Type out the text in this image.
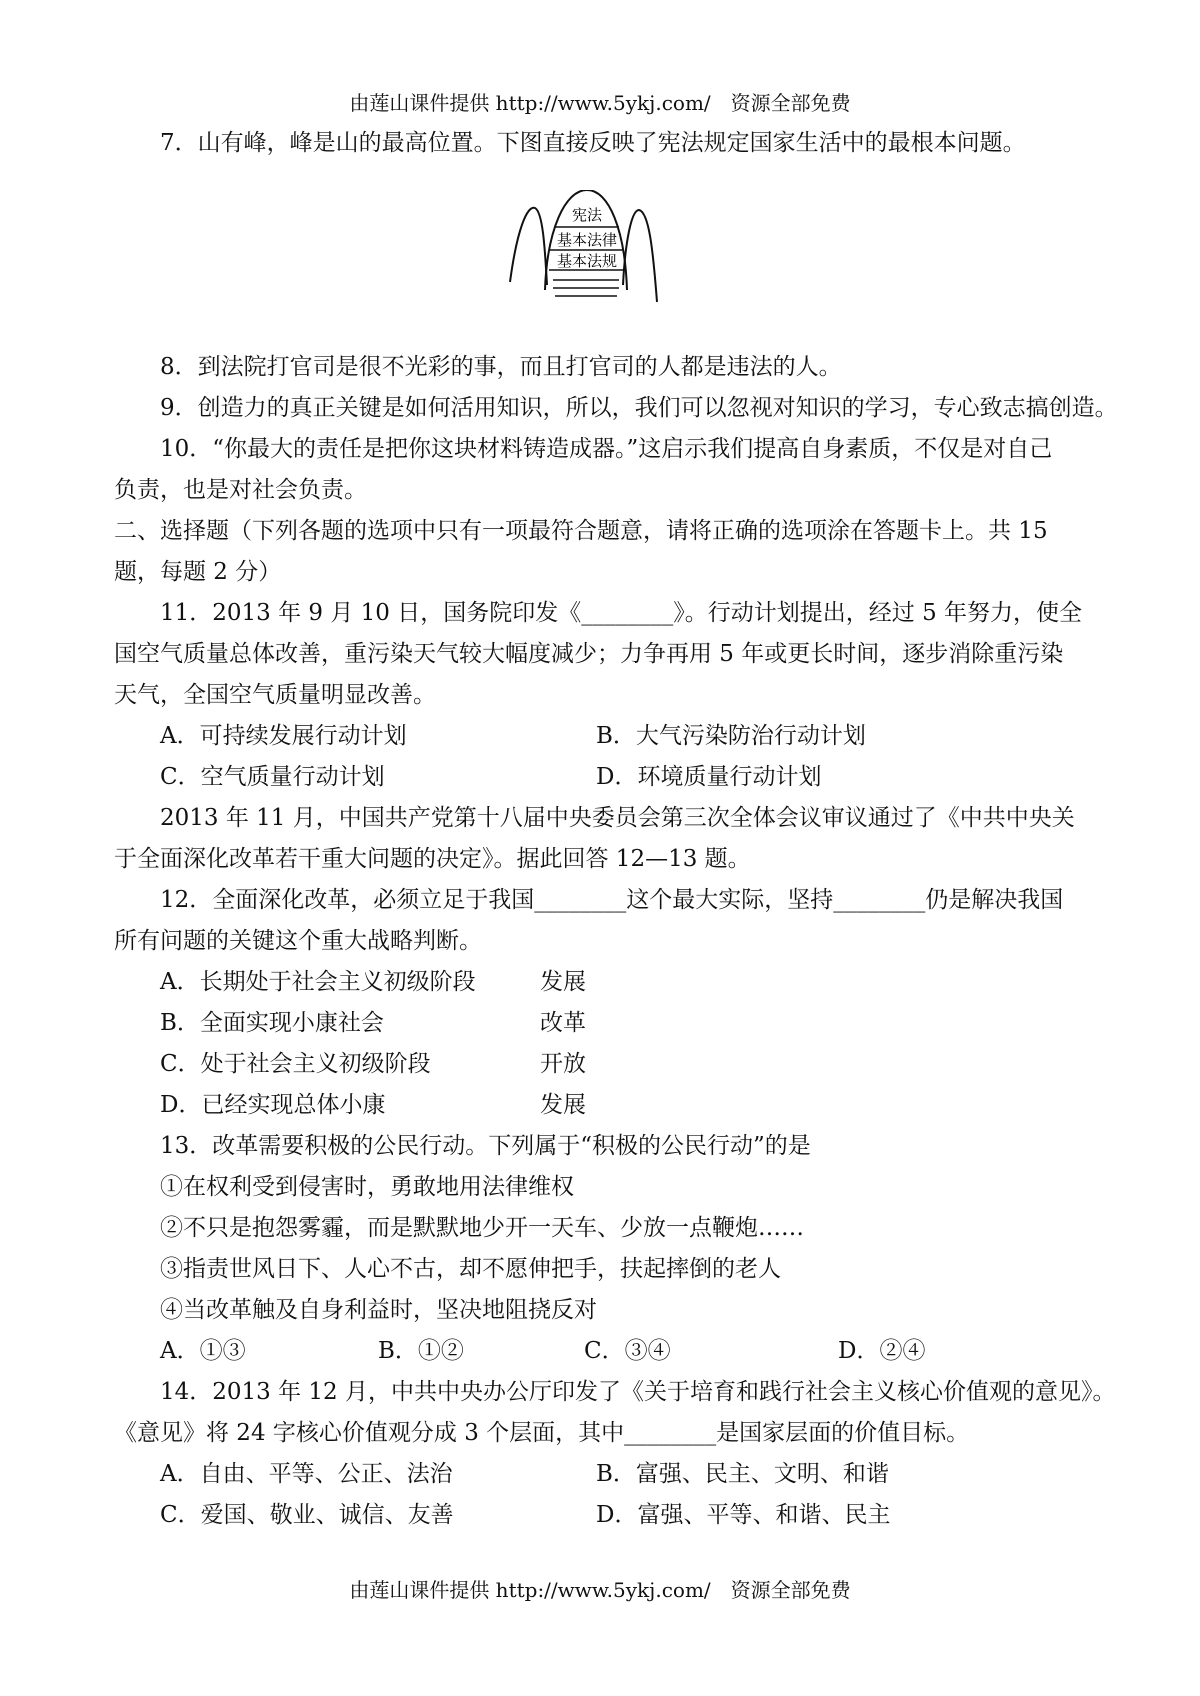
由莲山课件提供 http://www.5ykj.com/　资源全部免费
7．山有峰，峰是山的最高位置。下图直接反映了宪法规定国家生活中的最根本问题。
宪法
基本法律
基本法规
8．到法院打官司是很不光彩的事，而且打官司的人都是违法的人。
9．创造力的真正关键是如何活用知识，所以，我们可以忽视对知识的学习，专心致志搞创造。
10．“你最大的责任是把你这块材料铸造成器。”这启示我们提高自身素质，不仅是对自己
负责，也是对社会负责。
二、选择题（下列各题的选项中只有一项最符合题意，请将正确的选项涂在答题卡上。共 15
题，每题 2 分）
11．2013 年 9 月 10 日，国务院印发《________》。行动计划提出，经过 5 年努力，使全
国空气质量总体改善，重污染天气较大幅度减少；力争再用 5 年或更长时间，逐步消除重污染
天气，全国空气质量明显改善。
A．可持续发展行动计划	B．大气污染防治行动计划
C．空气质量行动计划	D．环境质量行动计划
2013 年 11 月，中国共产党第十八届中央委员会第三次全体会议审议通过了《中共中央关
于全面深化改革若干重大问题的决定》。据此回答 12—13 题。
12．全面深化改革，必须立足于我国________这个最大实际，坚持________仍是解决我国
所有问题的关键这个重大战略判断。
A．长期处于社会主义初级阶段	发展
B．全面实现小康社会	改革
C．处于社会主义初级阶段	开放
D．已经实现总体小康	发展
13．改革需要积极的公民行动。下列属于“积极的公民行动”的是
①在权利受到侵害时，勇敢地用法律维权
②不只是抱怨雾霾，而是默默地少开一天车、少放一点鞭炮……
③指责世风日下、人心不古，却不愿伸把手，扶起摔倒的老人
④当改革触及自身利益时，坚决地阻挠反对
A．①③	B．①②	C．③④	D．②④
14．2013 年 12 月，中共中央办公厅印发了《关于培育和践行社会主义核心价值观的意见》。
《意见》将 24 字核心价值观分成 3 个层面，其中________是国家层面的价值目标。
A．自由、平等、公正、法治	B．富强、民主、文明、和谐
C．爱国、敬业、诚信、友善	D．富强、平等、和谐、民主
由莲山课件提供 http://www.5ykj.com/　资源全部免费
